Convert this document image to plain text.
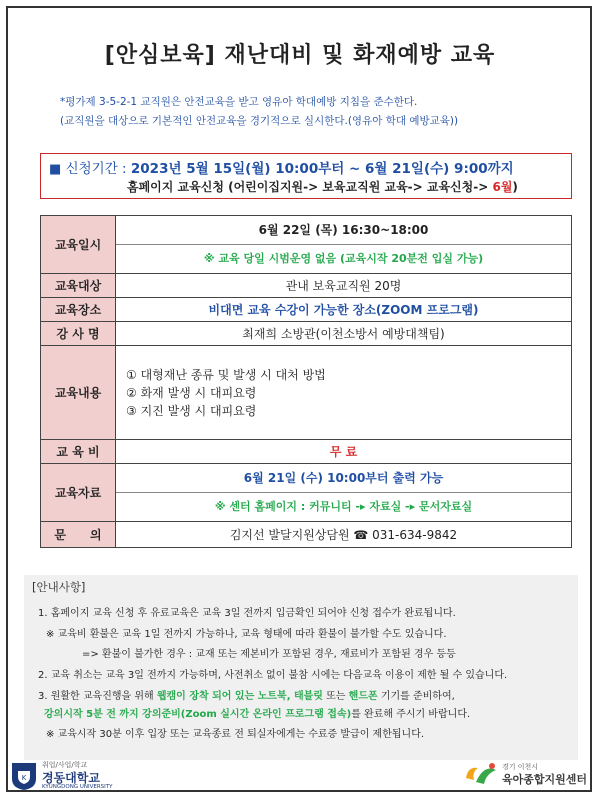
[안심보육] 재난대비 및 화재예방 교육
*평가제 3-5-2-1 교직원은 안전교육을 받고 영유아 학대예방 지침을 준수한다.
(교직원을 대상으로 기본적인 안전교육을 경기적으로 실시한다.(영유아 학대 예방교육))
■ 신청기간 : 2023년 5월 15일(월) 10:00부터 ~ 6월 21일(수) 9:00까지
홈페이지 교육신청 (어린이집지원-> 보육교직원 교육-> 교육신청-> 6월)
교육일시	6월 22일 (목) 16:30~18:00
※ 교육 당일 시범운영 없음 (교육시작 20분전 입실 가능)

교육대상	관내 보육교직원 20명
교육장소	비대면 교육 수강이 가능한 장소(ZOOM 프로그램)
강 사 명	최재희 소방관(이천소방서 예방대책팀)
교육내용	① 대형재난 종류 및 발생 시 대처 방법
② 화재 발생 시 대피요령
③ 지진 발생 시 대피요령

교 육 비	무 료
교육자료	6월 21일 (수) 10:00부터 출력 가능
※ 센터 홈페이지 : 커뮤니티 -▸ 자료실 -▸ 문서자료실

문　　의	김지선 발달지원상담원 ☎ 031-634-9842
[안내사항]
1. 홈페이지 교육 신청 후 유료교육은 교육 3일 전까지 입금확인 되어야 신청 접수가 완료됩니다.
※ 교육비 환불은 교육 1일 전까지 가능하나, 교육 형태에 따라 환불이 불가할 수도 있습니다.
=> 환불이 불가한 경우 : 교재 또는 제본비가 포함된 경우, 재료비가 포함된 경우 등등
2. 교육 취소는 교육 3일 전까지 가능하며, 사전취소 없이 불참 시에는 다음교육 이용이 제한 될 수 있습니다.
3. 원활한 교육진행을 위해 웹캠이 장착 되어 있는 노트북, 태블릿 또는 핸드폰 기기를 준비하여,
강의시작 5분 전 까지 강의준비(Zoom 실시간 온라인 프로그램 접속)를 완료해 주시기 바랍니다.
※ 교육시작 30분 이후 입장 또는 교육종료 전 퇴실자에게는 수료증 발급이 제한됩니다.
K
취업/사업/학교
경동대학교
KYUNGDONG UNIVERSITY
경기 이천시
육아종합지원센터
